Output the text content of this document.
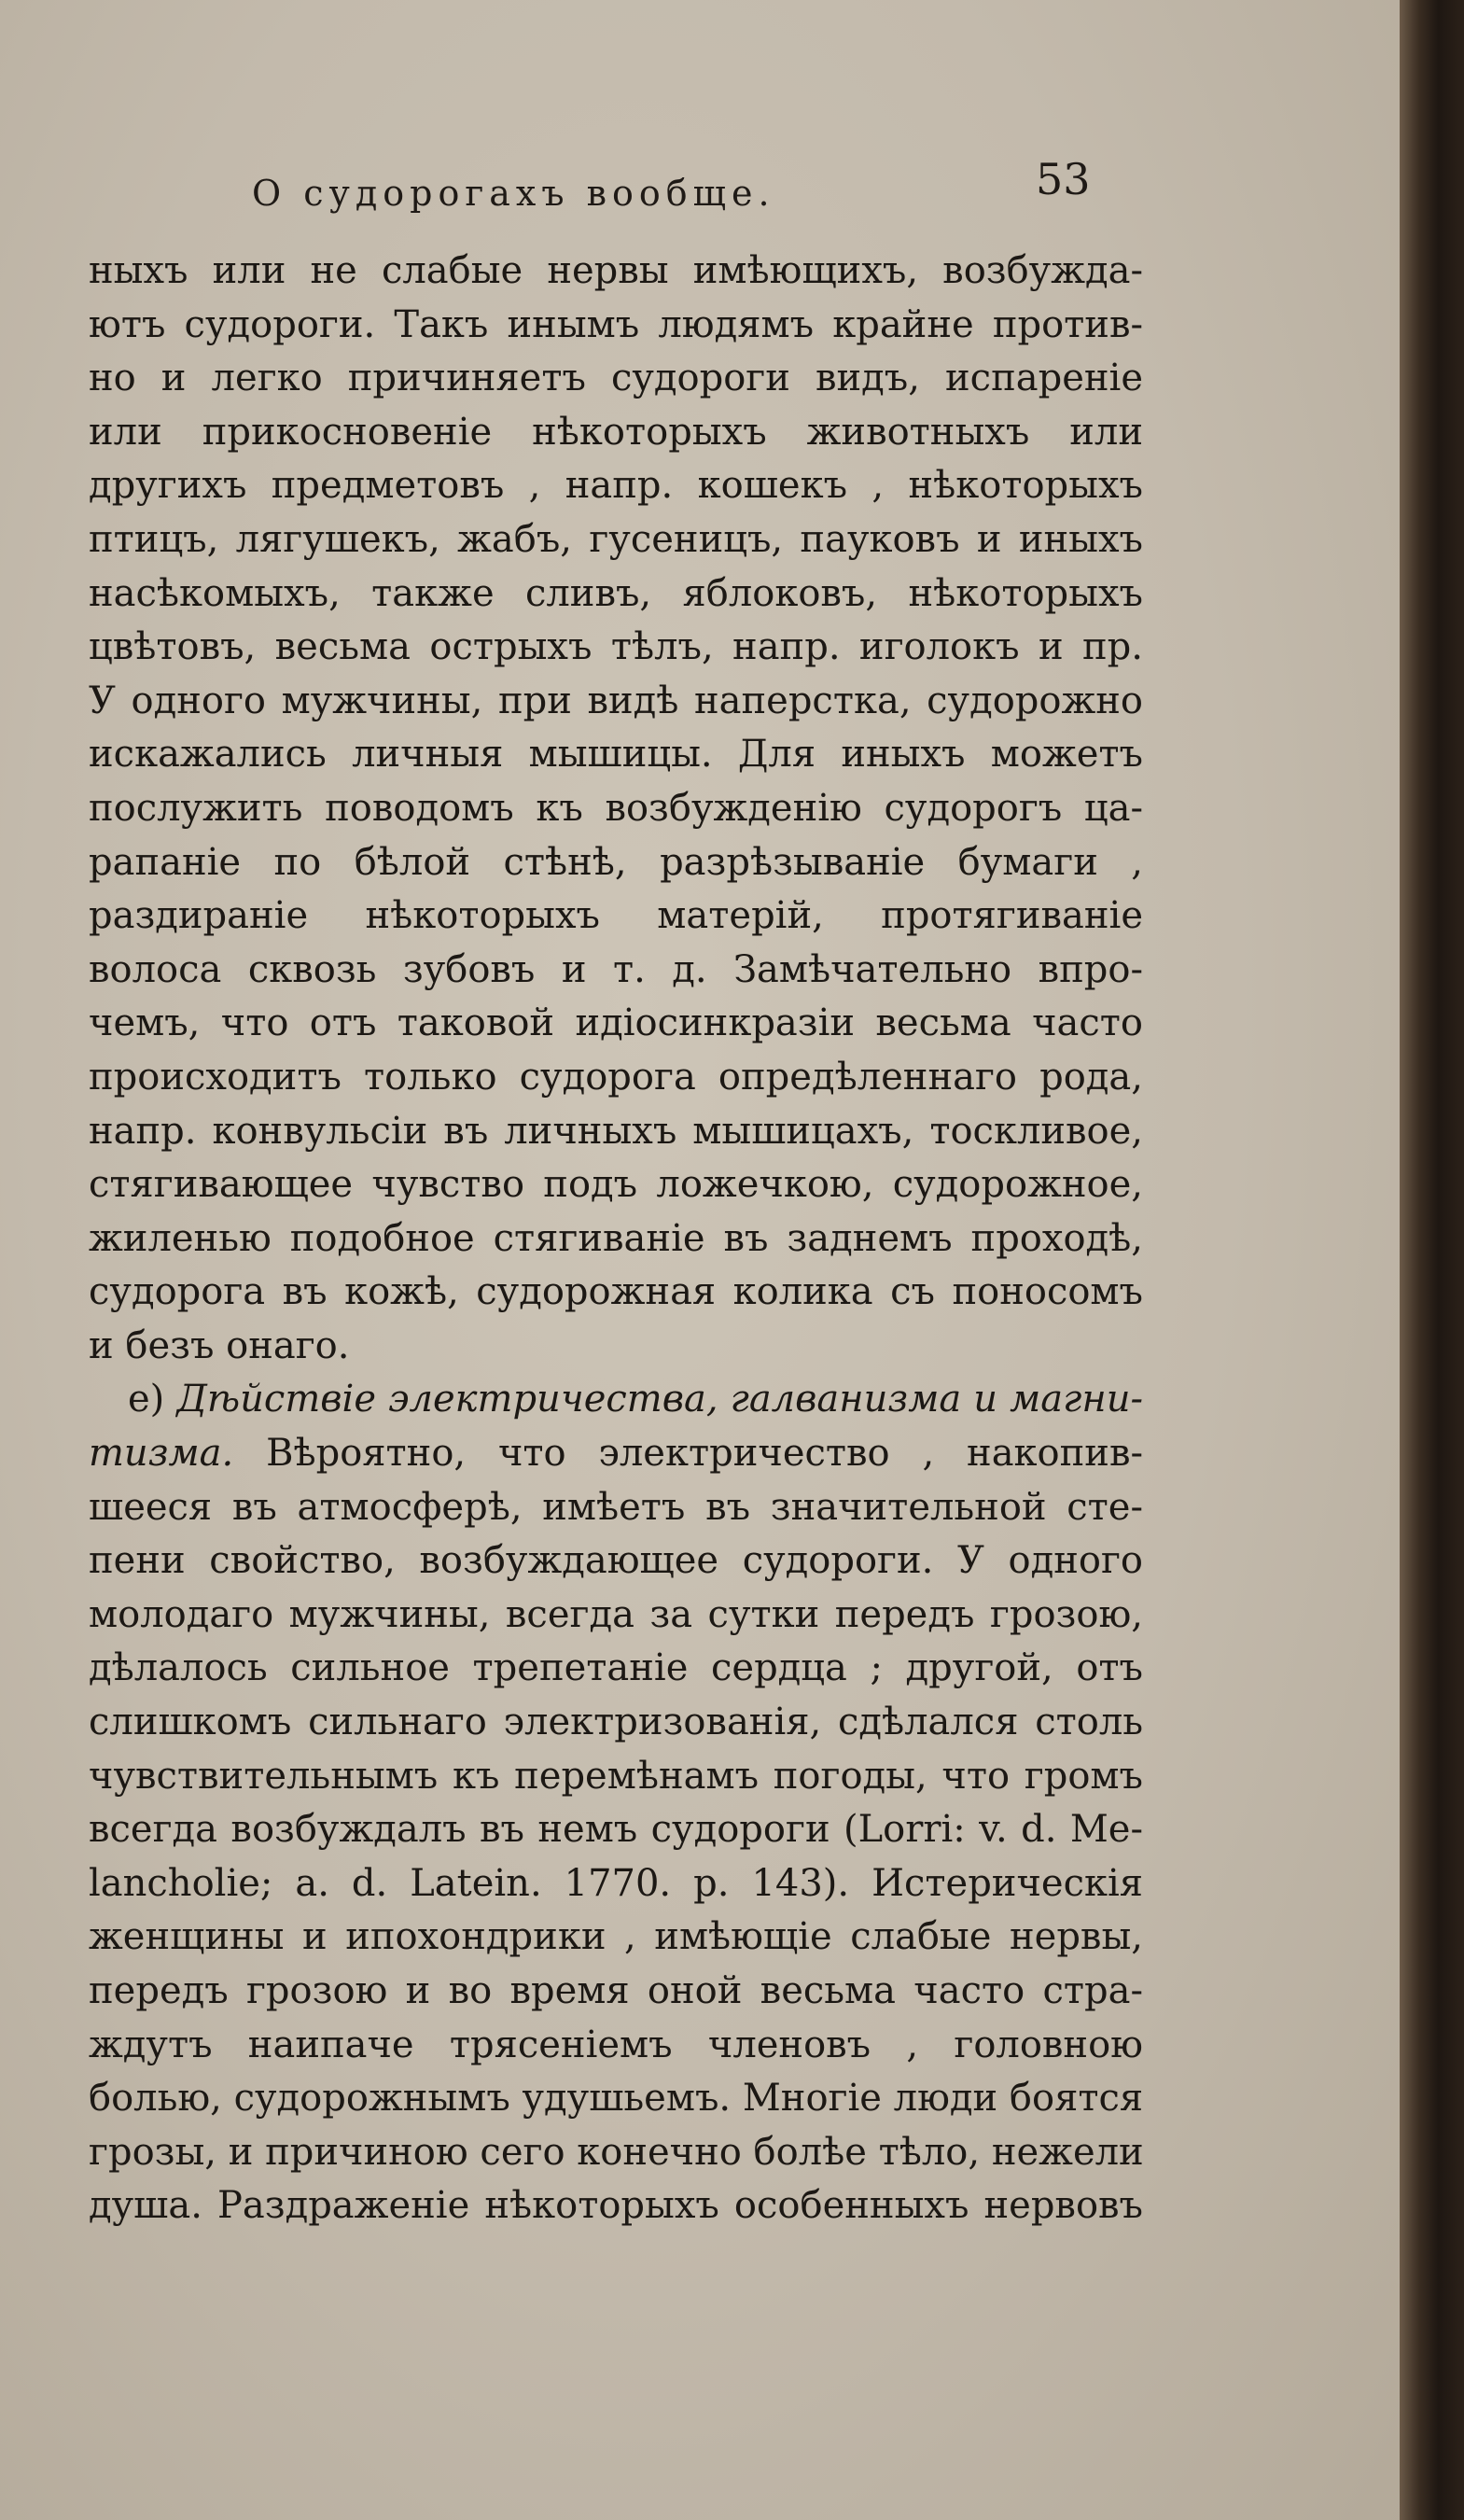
О судорогахъ вообще.	53
ныхъ или не слабые нервы имѣющихъ, возбужда-
ютъ судороги. Такъ инымъ людямъ крайне против-
но и легко причиняетъ судороги видъ, испареніе
или прикосновеніе нѣкоторыхъ животныхъ или
другихъ предметовъ , напр. кошекъ , нѣкоторыхъ
птицъ, лягушекъ, жабъ, гусеницъ, пауковъ и иныхъ
насѣкомыхъ, также сливъ, яблоковъ, нѣкоторыхъ
цвѣтовъ, весьма острыхъ тѣлъ, напр. иголокъ и пр.
У одного мужчины, при видѣ наперстка, судорожно
искажались личныя мышицы. Для иныхъ можетъ
послужить поводомъ къ возбужденію судорогъ ца-
рапаніе по бѣлой стѣнѣ, разрѣзываніе бумаги ,
раздираніе нѣкоторыхъ матерій, протягиваніе
волоса сквозь зубовъ и т. д. Замѣчательно впро-
чемъ, что отъ таковой идіосинкразіи весьма часто
происходитъ только судорога опредѣленнаго рода,
напр. конвульсіи въ личныхъ мышицахъ, тоскливое,
стягивающее чувство подъ ложечкою, судорожное,
жиленью подобное стягиваніе въ заднемъ проходѣ,
судорога въ кожѣ, судорожная колика съ поносомъ
и безъ онаго.
е) Дѣйствіе электричества, галванизма и магни-
тизма. Вѣроятно, что электричество , накопив-
шееся въ атмосферѣ, имѣетъ въ значительной сте-
пени свойство, возбуждающее судороги. У одного
молодаго мужчины, всегда за сутки передъ грозою,
дѣлалось сильное трепетаніе сердца ; другой, отъ
слишкомъ сильнаго электризованія, сдѣлался столь
чувствительнымъ къ перемѣнамъ погоды, что громъ
всегда возбуждалъ въ немъ судороги (Lorri: v. d. Me-
lancholie; a. d. Latein. 1770. p. 143). Истерическія
женщины и ипохондрики , имѣющіе слабые нервы,
передъ грозою и во время оной весьма часто стра-
ждутъ наипаче трясеніемъ членовъ , головною
болью, судорожнымъ удушьемъ. Многіе люди боятся
грозы, и причиною сего конечно болѣе тѣло, нежели
душа. Раздраженіе нѣкоторыхъ особенныхъ нервовъ
